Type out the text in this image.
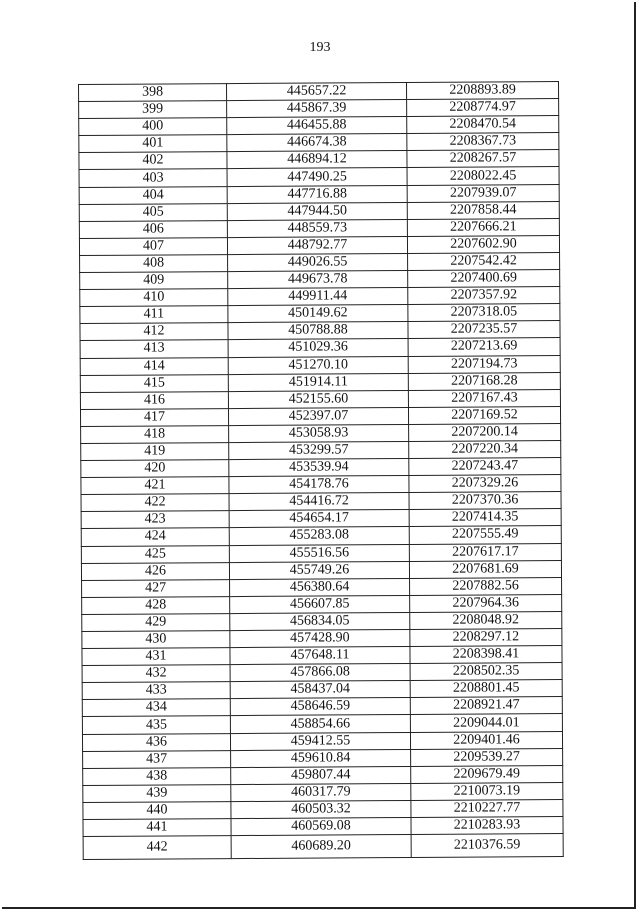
193
398	445657.22	2208893.89
399	445867.39	2208774.97
400	446455.88	2208470.54
401	446674.38	2208367.73
402	446894.12	2208267.57
403	447490.25	2208022.45
404	447716.88	2207939.07
405	447944.50	2207858.44
406	448559.73	2207666.21
407	448792.77	2207602.90
408	449026.55	2207542.42
409	449673.78	2207400.69
410	449911.44	2207357.92
411	450149.62	2207318.05
412	450788.88	2207235.57
413	451029.36	2207213.69
414	451270.10	2207194.73
415	451914.11	2207168.28
416	452155.60	2207167.43
417	452397.07	2207169.52
418	453058.93	2207200.14
419	453299.57	2207220.34
420	453539.94	2207243.47
421	454178.76	2207329.26
422	454416.72	2207370.36
423	454654.17	2207414.35
424	455283.08	2207555.49
425	455516.56	2207617.17
426	455749.26	2207681.69
427	456380.64	2207882.56
428	456607.85	2207964.36
429	456834.05	2208048.92
430	457428.90	2208297.12
431	457648.11	2208398.41
432	457866.08	2208502.35
433	458437.04	2208801.45
434	458646.59	2208921.47
435	458854.66	2209044.01
436	459412.55	2209401.46
437	459610.84	2209539.27
438	459807.44	2209679.49
439	460317.79	2210073.19
440	460503.32	2210227.77
441	460569.08	2210283.93
442	460689.20	2210376.59
